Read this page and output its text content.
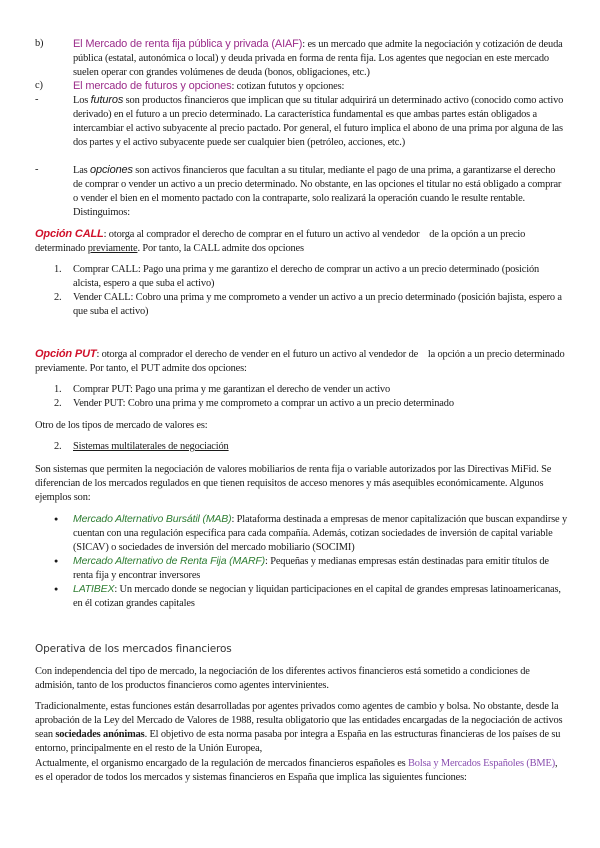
b)	El Mercado de renta fija pública y privada (AIAF): es un mercado que admite la negociación y cotización de deuda pública (estatal, autonómica o local) y deuda privada en forma de renta fija. Los agentes que negocian en este mercado suelen operar con grandes volúmenes de deuda (bonos, obligaciones, etc.)

c)	El mercado de futuros y opciones: cotizan fututos y opciones:

-	Los futuros son productos financieros que implican que su titular adquirirá un determinado activo (conocido como activo derivado) en el futuro a un precio determinado. La característica fundamental es que ambas partes están obligados a intercambiar el activo subyacente al precio pactado. Por general, el futuro implica el abono de una prima por alguna de las dos partes y el activo subyacente puede ser cualquier bien (petróleo, acciones, etc.)

-	Las opciones son activos financieros que facultan a su titular, mediante el pago de una prima, a garantizarse el derecho de comprar o vender un activo a un precio determinado. No obstante, en las opciones el titular no está obligado a comprar o vender el bien en el momento pactado con la contraparte, solo realizará la operación cuando le resulte rentable. Distinguimos:

Opción CALL: otorga al comprador el derecho de comprar en el futuro un activo al vendedor    de la opción a un precio determinado previamente. Por tanto, la CALL admite dos opciones

1.	Comprar CALL: Pago una prima y me garantizo el derecho de comprar un activo a un precio determinado (posición alcista, espero a que suba el activo)

2.	Vender CALL: Cobro una prima y me comprometo a vender un activo a un precio determinado (posición bajista, espero a que suba el activo)

Opción PUT: otorga al comprador el derecho de vender en el futuro un activo al vendedor de    la opción a un precio determinado previamente. Por tanto, el PUT admite dos opciones:

1.	Comprar PUT: Pago una prima y me garantizan el derecho de vender un activo

2.	Vender PUT: Cobro una prima y me comprometo a comprar un activo a un precio determinado

Otro de los tipos de mercado de valores es:

2.	Sistemas multilaterales de negociación

Son sistemas que permiten la negociación de valores mobiliarios de renta fija o variable autorizados por las Directivas MiFid. Se diferencian de los mercados regulados en que tienen requisitos de acceso menores y más asequibles económicamente. Algunos ejemplos son:

●	Mercado Alternativo Bursátil (MAB): Plataforma destinada a empresas de menor capitalización que buscan expandirse y cuentan con una regulación específica para cada compañía. Además, cotizan sociedades de inversión de capital variable (SICAV) o sociedades de inversión del mercado mobiliario (SOCIMI)

●	Mercado Alternativo de Renta Fija (MARF): Pequeñas y medianas empresas están destinadas para emitir títulos de renta fija y encontrar inversores

●	LATIBEX: Un mercado donde se negocian y liquidan participaciones en el capital de grandes empresas latinoamericanas, en él cotizan grandes capitales

Operativa de los mercados financieros

Con independencia del tipo de mercado, la negociación de los diferentes activos financieros está sometido a condiciones de admisión, tanto de los productos financieros como agentes intervinientes.

Tradicionalmente, estas funciones están desarrolladas por agentes privados como agentes de cambio y bolsa. No obstante, desde la aprobación de la Ley del Mercado de Valores de 1988, resulta obligatorio que las entidades encargadas de la negociación de activos sean sociedades anónimas. El objetivo de esta norma pasaba por integra a España en las estructuras financieras de los países de su entorno, principalmente en el resto de la Unión Europea,

Actualmente, el organismo encargado de la regulación de mercados financieros españoles es Bolsa y Mercados Españoles (BME), es el operador de todos los mercados y sistemas financieros en España que implica las siguientes funciones:
